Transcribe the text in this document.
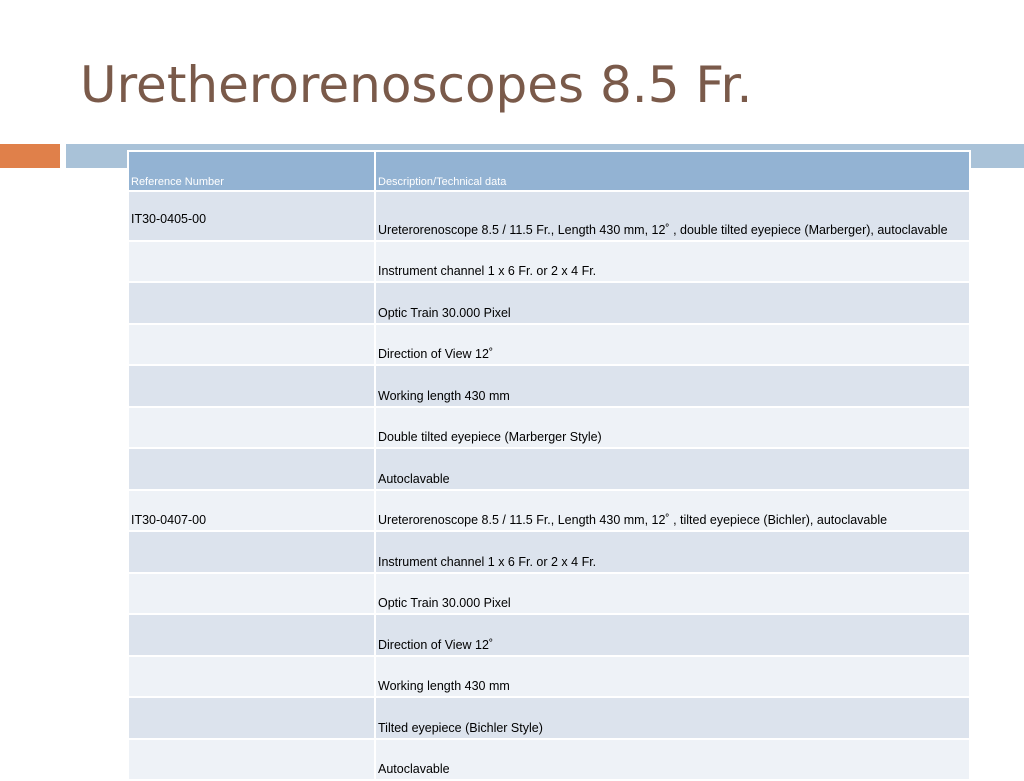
Uretherorenoscopes 8.5 Fr.
Reference Number	Description/Technical data
IT30-0405-00	Ureterorenoscope 8.5 / 11.5 Fr., Length 430 mm, 12˚ , double tilted eyepiece (Marberger), autoclavable
	Instrument channel 1 x 6 Fr. or 2 x 4 Fr.
	Optic Train 30.000 Pixel
	Direction of View 12˚
	Working length 430 mm
	Double tilted eyepiece (Marberger Style)
	Autoclavable
IT30-0407-00	Ureterorenoscope 8.5 / 11.5 Fr., Length 430 mm, 12˚ , tilted eyepiece (Bichler), autoclavable
	Instrument channel 1 x 6 Fr. or 2 x 4 Fr.
	Optic Train 30.000 Pixel
	Direction of View 12˚
	Working length 430 mm
	Tilted eyepiece (Bichler Style)
	Autoclavable
